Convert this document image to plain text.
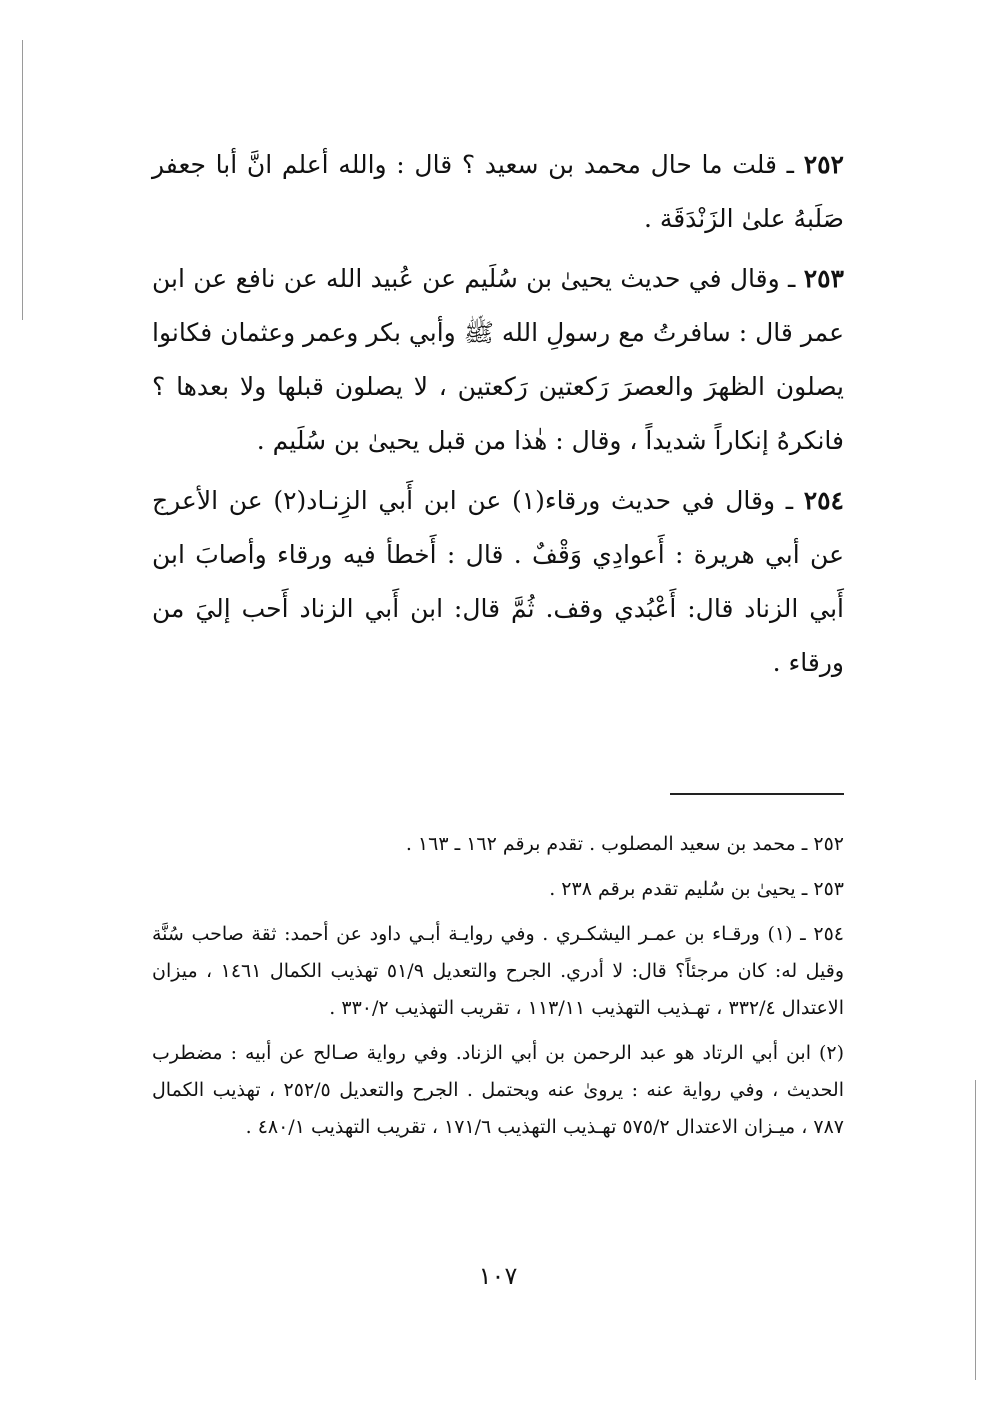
٢٥٢ ـ قلت ما حال محمد بن سعيد ؟ قال : والله أعلم انَّ أبا جعفر صَلَبهُ علىٰ الزَنْدَقَة .

٢٥٣ ـ وقال في حديث يحيىٰ بن سُلَيم عن عُبيد الله عن نافع عن ابن عمر قال : سافرتُ مع رسولِ الله ﷺ وأبي بكر وعمر وعثمان فكانوا يصلون الظهرَ والعصرَ رَكعتين رَكعتين ، لا يصلون قبلها ولا بعدها ؟ فانكرهُ إنكاراً شديداً ، وقال : هٰذا من قبل يحيىٰ بن سُلَيم .

٢٥٤ ـ وقال في حديث ورقاء(١) عن ابن أَبي الزِنـاد(٢) عن الأعرج عن أبي هريرة : أَعوادِي وَقْفٌ . قال : أَخطأ فيه ورقاء وأصابَ ابن أَبي الزناد قال: أَعْبُدي وقف. ثُمَّ قال: ابن أَبي الزناد أَحب إليَ من ورقاء .

٢٥٢ ـ محمد بن سعيد المصلوب . تقدم برقم ١٦٢ ـ ١٦٣ .

٢٥٣ ـ يحيىٰ بن سُليم تقدم برقم ٢٣٨ .

٢٥٤ ـ (١) ورقـاء بن عمـر اليشكـري . وفي روايـة أبـي داود عن أحمد: ثقة صاحب سُنَّة وقيل له: كان مرجئاً؟ قال: لا أدري. الجرح والتعديل ٥١/٩ تهذيب الكمال ١٤٦١ ، ميزان الاعتدال ٣٣٢/٤ ، تهـذيب التهذيب ١١٣/١١ ، تقريب التهذيب ٣٣٠/٢ .

(٢) ابن أبي الرتاد هو عبد الرحمن بن أبي الزناد. وفي رواية صـالح عن أبيه : مضطرب الحديث ، وفي رواية عنه : يروىٰ عنه ويحتمل . الجرح والتعديل ٢٥٢/٥ ، تهذيب الكمال ٧٨٧ ، ميـزان الاعتدال ٥٧٥/٢ تهـذيب التهذيب ١٧١/٦ ، تقريب التهذيب ٤٨٠/١ .

١٠٧
